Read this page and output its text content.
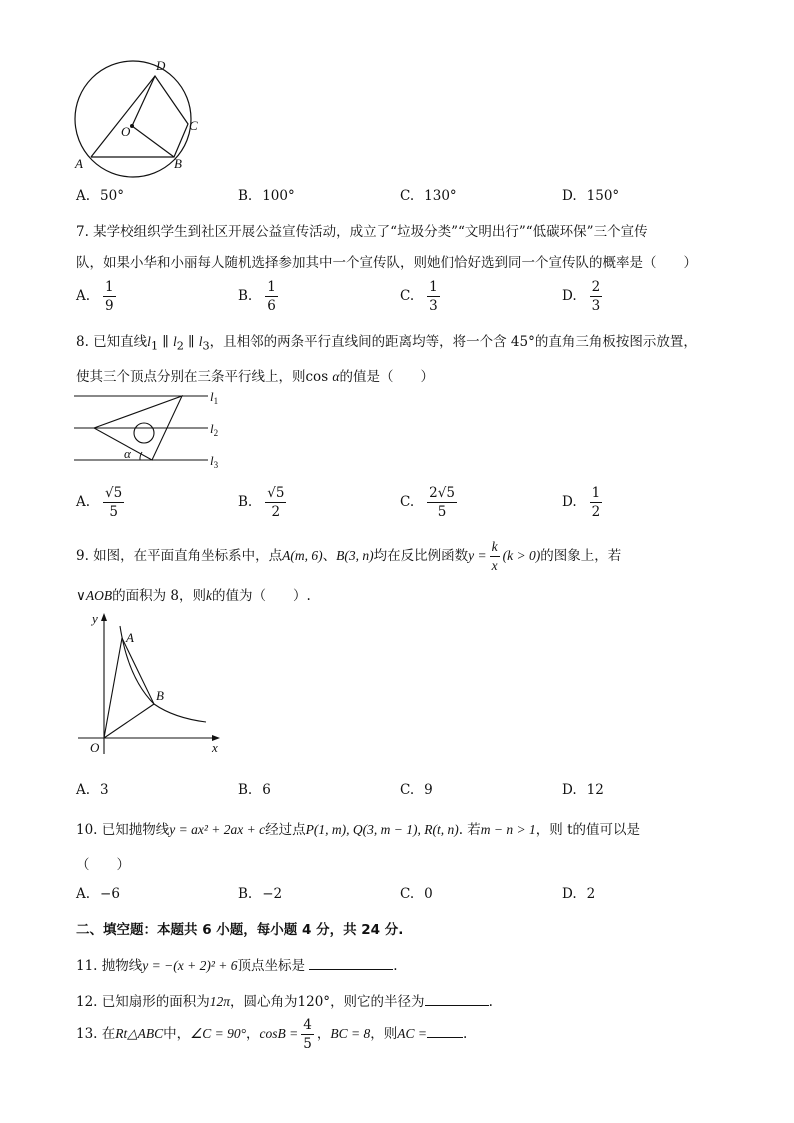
D
C
O
A	B
A. 50°	B. 100°	C. 130°	D. 150°
7. 某学校组织学生到社区开展公益宣传活动，成立了“垃圾分类”“文明出行”“低碳环保”三个宣传
队，如果小华和小丽每人随机选择参加其中一个宣传队，则她们恰好选到同一个宣传队的概率是（　　）
A. $\frac{1}{9}$	B. $\frac{1}{6}$	C. $\frac{1}{3}$	D. $\frac{2}{3}$
8. 已知直线$l_1$ ∥ $l_2$ ∥ $l_3$，且相邻的两条平行直线间的距离均等，将一个含 45°的直角三角板按图示放置，
使其三个顶点分别在三条平行线上，则cos α的值是（　　）
α
$l_1$
$l_2$
$l_3$
A. $\frac{√5}{5}$	B. $\frac{√5}{2}$	C. $\frac{2√5}{5}$	D. $\frac{1}{2}$
9. 如图，在平面直角坐标系中，点A(m, 6)、B(3, n)均在反比例函数$y = \frac{k}{x} (k > 0)$的图象上，若
∨AOB的面积为 8，则k的值为（　　）.
y
A
B
O	x
A. 3	B. 6	C. 9	D. 12
10. 已知抛物线y = ax² + 2ax + c经过点P(1, m), Q(3, m − 1), R(t, n). 若m − n > 1，则 t的值可以是
（　　）
A. −6	B. −2	C. 0	D. 2
二、填空题：本题共 6 小题，每小题 4 分，共 24 分.
11. 抛物线y = −(x + 2)² + 6顶点坐标是	.
12. 已知扇形的面积为12π，圆心角为120°，则它的半径为	.
13. 在Rt△ABC中，∠C = 90°，$\cos B = \frac{4}{5}$ ，BC = 8，则AC =	.
